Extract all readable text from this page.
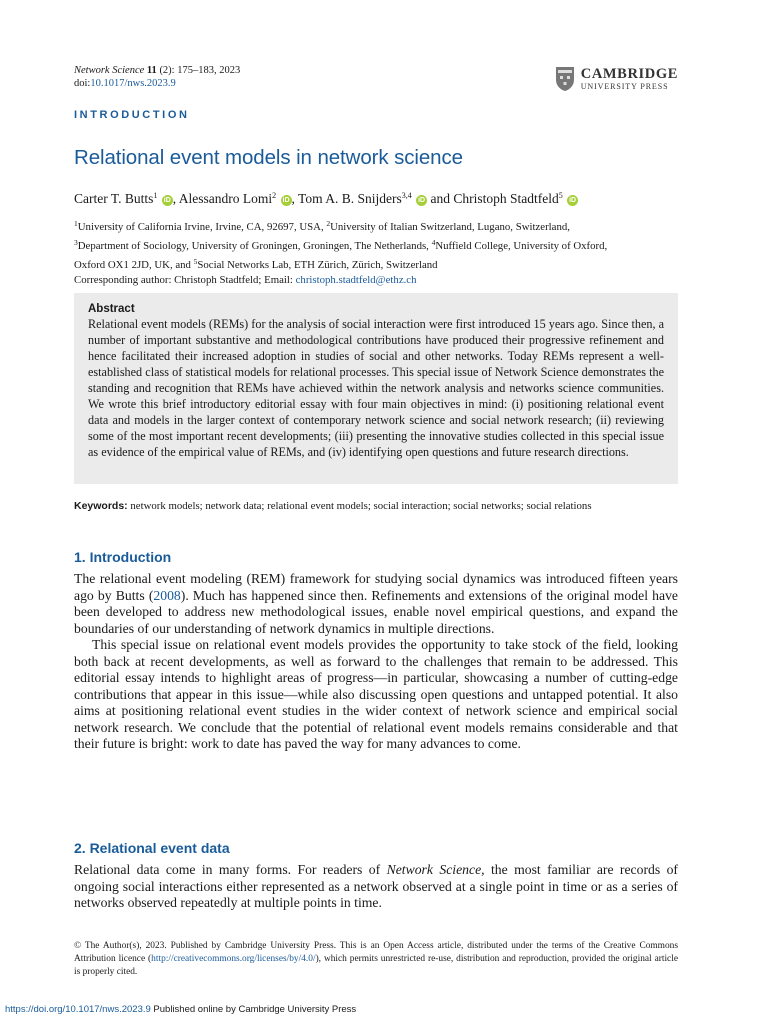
Network Science 11 (2): 175–183, 2023
doi:10.1017/nws.2023.9
CAMBRIDGE
UNIVERSITY PRESS
INTRODUCTION
Relational event models in network science
Carter T. Butts$^1$ iD , Alessandro Lomi$^2$ iD , Tom A. B. Snijders$^{3,4}$ iD and Christoph Stadtfeld$^5$ iD
$^1$University of California Irvine, Irvine, CA, 92697, USA, $^2$University of Italian Switzerland, Lugano, Switzerland,
$^3$Department of Sociology, University of Groningen, Groningen, The Netherlands, $^4$Nuffield College, University of Oxford,
Oxford OX1 2JD, UK, and $^5$Social Networks Lab, ETH Zürich, Zürich, Switzerland
Corresponding author: Christoph Stadtfeld; Email: christoph.stadtfeld@ethz.ch
Abstract

Relational event models (REMs) for the analysis of social interaction were first introduced 15 years ago. Since then, a number of important substantive and methodological contributions have produced their progressive refinement and hence facilitated their increased adoption in studies of social and other networks. Today REMs represent a well-established class of statistical models for relational processes. This special issue of Network Science demonstrates the standing and recognition that REMs have achieved within the network analysis and networks science communities. We wrote this brief introductory editorial essay with four main objectives in mind: (i) positioning relational event data and models in the larger context of contemporary network science and social network research; (ii) reviewing some of the most important recent developments; (iii) presenting the innovative studies collected in this special issue as evidence of the empirical value of REMs, and (iv) identifying open questions and future research directions.

Keywords: network models; network data; relational event models; social interaction; social networks; social relations
1. Introduction

The relational event modeling (REM) framework for studying social dynamics was introduced fifteen years ago by Butts (2008). Much has happened since then. Refinements and extensions of the original model have been developed to address new methodological issues, enable novel empirical questions, and expand the boundaries of our understanding of network dynamics in multiple directions.

This special issue on relational event models provides the opportunity to take stock of the field, looking both back at recent developments, as well as forward to the challenges that remain to be addressed. This editorial essay intends to highlight areas of progress—in particular, showcasing a number of cutting-edge contributions that appear in this issue—while also discussing open questions and untapped potential. It also aims at positioning relational event studies in the wider context of network science and empirical social network research. We conclude that the potential of relational event models remains considerable and that their future is bright: work to date has paved the way for many advances to come.

2. Relational event data

Relational data come in many forms. For readers of Network Science, the most familiar are records of ongoing social interactions either represented as a network observed at a single point in time or as a series of networks observed repeatedly at multiple points in time.

© The Author(s), 2023. Published by Cambridge University Press. This is an Open Access article, distributed under the terms of the Creative Commons Attribution licence (http://creativecommons.org/licenses/by/4.0/), which permits unrestricted re-use, distribution and reproduction, provided the original article is properly cited.
https://doi.org/10.1017/nws.2023.9 Published online by Cambridge University Press
